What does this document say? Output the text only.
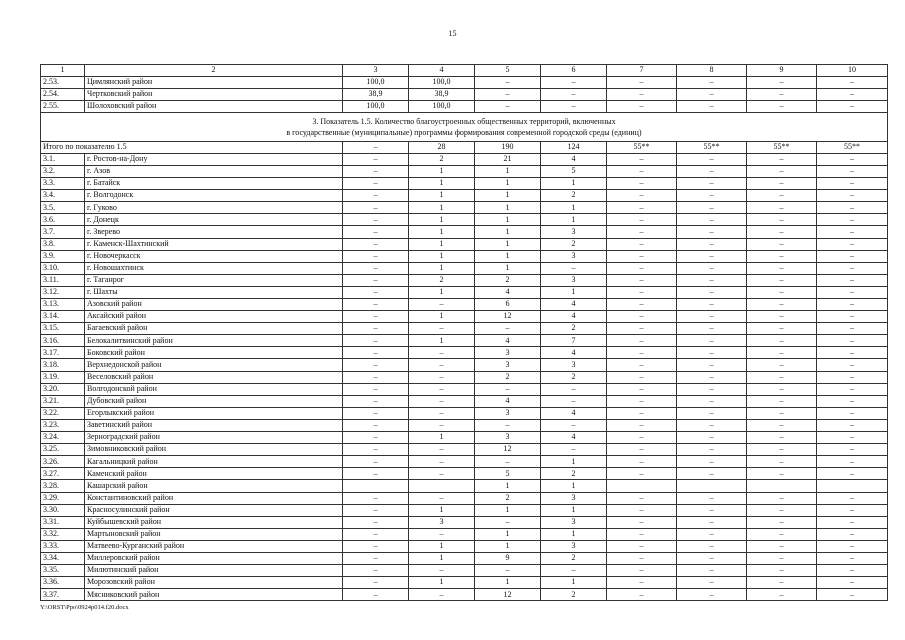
15
1	2	3	4	5	6	7	8	9	10
2.53.	Цимлянский район	100,0	100,0	–	–	–	–	–	–
2.54.	Чертковский район	38,9	38,9	–	–	–	–	–	–
2.55.	Шолоховский район	100,0	100,0	–	–	–	–	–	–

3. Показатель 1.5. Количество благоустроенных общественных территорий, включенных
в государственные (муниципальные) программы формирования современной городской среды (единиц)									

Итого по показателю 1.5		–	28	190	124	55**	55**	55**	55**
3.1.	г. Ростов-на-Дону	–	2	21	4	–	–	–	–
3.2.	г. Азов	–	1	1	5	–	–	–	–
3.3.	г. Батайск	–	1	1	1	–	–	–	–
3.4.	г. Волгодонск	–	1	1	2	–	–	–	–
3.5.	г. Гуково	–	1	1	1	–	–	–	–
3.6.	г. Донецк	–	1	1	1	–	–	–	–
3.7.	г. Зверево	–	1	1	3	–	–	–	–
3.8.	г. Каменск-Шахтинский	–	1	1	2	–	–	–	–
3.9.	г. Новочеркасск	–	1	1	3	–	–	–	–
3.10.	г. Новошахтинск	–	1	1	–	–	–	–	–
3.11.	г. Таганрог	–	2	2	3	–	–	–	–
3.12.	г. Шахты	–	1	4	1	–	–	–	–
3.13.	Азовский район	–	–	6	4	–	–	–	–
3.14.	Аксайский район	–	1	12	4	–	–	–	–
3.15.	Багаевский район	–	–	–	2	–	–	–	–
3.16.	Белокалитвинский район	–	1	4	7	–	–	–	–
3.17.	Боковский район	–	–	3	4	–	–	–	–
3.18.	Верхнедонской район	–	–	3	3	–	–	–	–
3.19.	Веселовский район	–	–	2	2	–	–	–	–
3.20.	Волгодонской район	–	–	–	–	–	–	–	–
3.21.	Дубовский район	–	–	4	–	–	–	–	–
3.22.	Егорлыкский район	–	–	3	4	–	–	–	–
3.23.	Заветинский район	–	–	–	–	–	–	–	–
3.24.	Зерноградский район	–	1	3	4	–	–	–	–
3.25.	Зимовниковский район	–	–	12	–	–	–	–	–
3.26.	Кагальницкий район	–	–	–	1	–	–	–	–
3.27.	Каменский район	–	–	5	2	–	–	–	–
3.28.	Кашарский район			1	1				
3.29.	Константиновский район	–	–	2	3	–	–	–	–
3.30.	Красносулинский район	–	1	1	1	–	–	–	–
3.31.	Куйбышевский район	–	3	–	3	–	–	–	–
3.32.	Мартыновский район	–	–	1	1	–	–	–	–
3.33.	Матвеево-Курганский район	–	1	1	3	–	–	–	–
3.34.	Миллеровский район	–	1	9	2	–	–	–	–
3.35.	Милютинский район	–	–	–	–	–	–	–	–
3.36.	Морозовский район	–	1	1	1	–	–	–	–
3.37.	Мясниковский район	–	–	12	2	–	–	–	–
Y:\ORST\Ppo\0924p014.f20.docx
